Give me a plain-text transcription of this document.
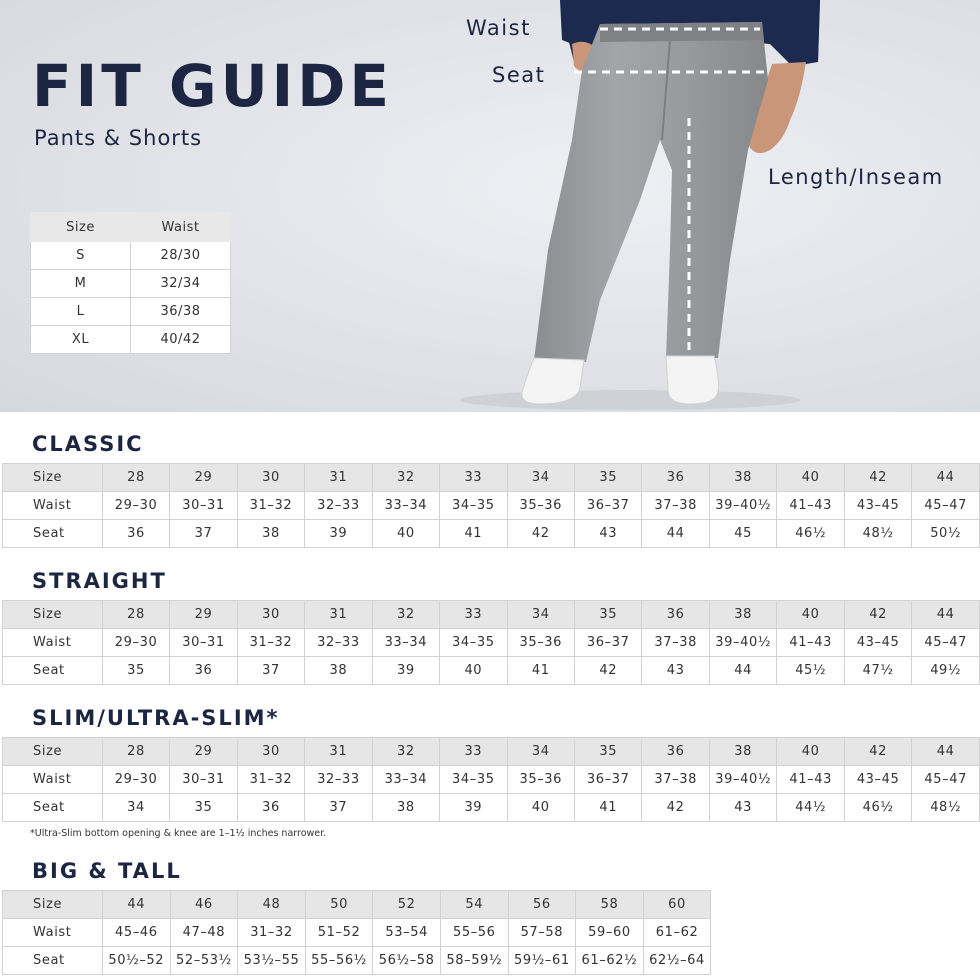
FIT GUIDE
Pants & Shorts
Waist
Seat
Length/Inseam
Size	Waist
S	28/30
M	32/34
L	36/38
XL	40/42
CLASSIC
Size	28	29	30	31	32	33	34	35	36	38	40	42	44
Waist	29–30	30–31	31–32	32–33	33–34	34–35	35–36	36–37	37–38	39–40½	41–43	43–45	45–47
Seat	36	37	38	39	40	41	42	43	44	45	46½	48½	50½
STRAIGHT
Size	28	29	30	31	32	33	34	35	36	38	40	42	44
Waist	29–30	30–31	31–32	32–33	33–34	34–35	35–36	36–37	37–38	39–40½	41–43	43–45	45–47
Seat	35	36	37	38	39	40	41	42	43	44	45½	47½	49½
SLIM/ULTRA-SLIM*
Size	28	29	30	31	32	33	34	35	36	38	40	42	44
Waist	29–30	30–31	31–32	32–33	33–34	34–35	35–36	36–37	37–38	39–40½	41–43	43–45	45–47
Seat	34	35	36	37	38	39	40	41	42	43	44½	46½	48½
*Ultra-Slim bottom opening & knee are 1–1½ inches narrower.
BIG & TALL
Size	44	46	48	50	52	54	56	58	60
Waist	45–46	47–48	31–32	51–52	53–54	55–56	57–58	59–60	61–62
Seat	50½–52	52–53½	53½–55	55–56½	56½–58	58–59½	59½–61	61–62½	62½–64
